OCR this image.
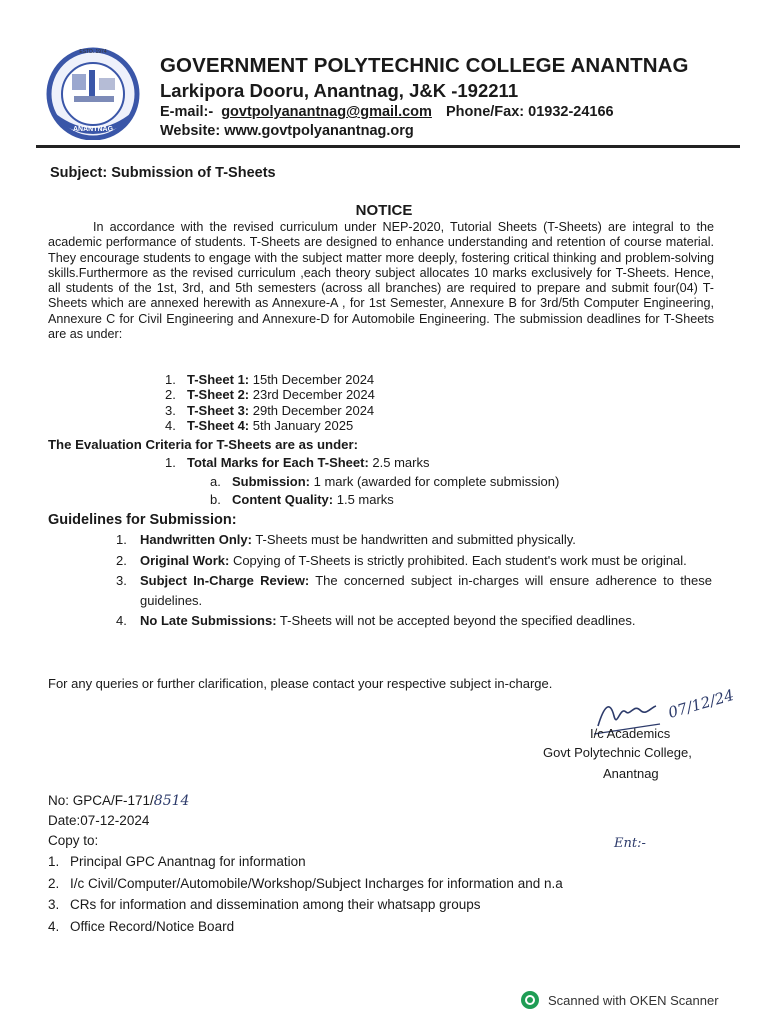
ANANTNAG
ESTD. 1974
GOVERNMENT POLYTECHNIC COLLEGE ANANTNAG
Larkipora Dooru, Anantnag, J&K -192211
E-mail:- govtpolyanantnag@gmail.com Phone/Fax: 01932-24166
Website: www.govtpolyanantnag.org
Subject: Submission of T-Sheets
NOTICE

In accordance with the revised curriculum under NEP-2020, Tutorial Sheets (T-Sheets) are integral to the academic performance of students. T-Sheets are designed to enhance understanding and retention of course material. They encourage students to engage with the subject matter more deeply, fostering critical thinking and problem-solving skills.Furthermore as the revised curriculum ,each theory subject allocates 10 marks exclusively for T-Sheets. Hence, all students of the 1st, 3rd, and 5th semesters (across all branches) are required to prepare and submit four(04) T-Sheets which are annexed herewith as Annexure-A , for 1st Semester, Annexure B for 3rd/5th Computer Engineering, Annexure C for Civil Engineering and Annexure-D for Automobile Engineering. The submission deadlines for T-Sheets are as under:

1. T-Sheet 1: 15th December 2024
2. T-Sheet 2: 23rd December 2024
3. T-Sheet 3: 29th December 2024
4. T-Sheet 4: 5th January 2025
The Evaluation Criteria for T-Sheets are as under:
1. Total Marks for Each T-Sheet: 2.5 marks
a. Submission: 1 mark (awarded for complete submission)
b. Content Quality: 1.5 marks
Guidelines for Submission:
1.	Handwritten Only: T-Sheets must be handwritten and submitted physically.
2.	Original Work: Copying of T-Sheets is strictly prohibited. Each student's work must be original.
3.	Subject In-Charge Review: The concerned subject in-charges will ensure adherence to these guidelines.
4.	No Late Submissions: T-Sheets will not be accepted beyond the specified deadlines.
For any queries or further clarification, please contact your respective subject in-charge.
07/12/24
I/c Academics
Govt Polytechnic College,
Anantnag
No: GPCA/F-171/8514
Date:07-12-2024
Copy to:	Ent:-
1. Principal GPC Anantnag for information
2. I/c Civil/Computer/Automobile/Workshop/Subject Incharges for information and n.a
3. CRs for information and dissemination among their whatsapp groups
4. Office Record/Notice Board
Scanned with OKEN Scanner
